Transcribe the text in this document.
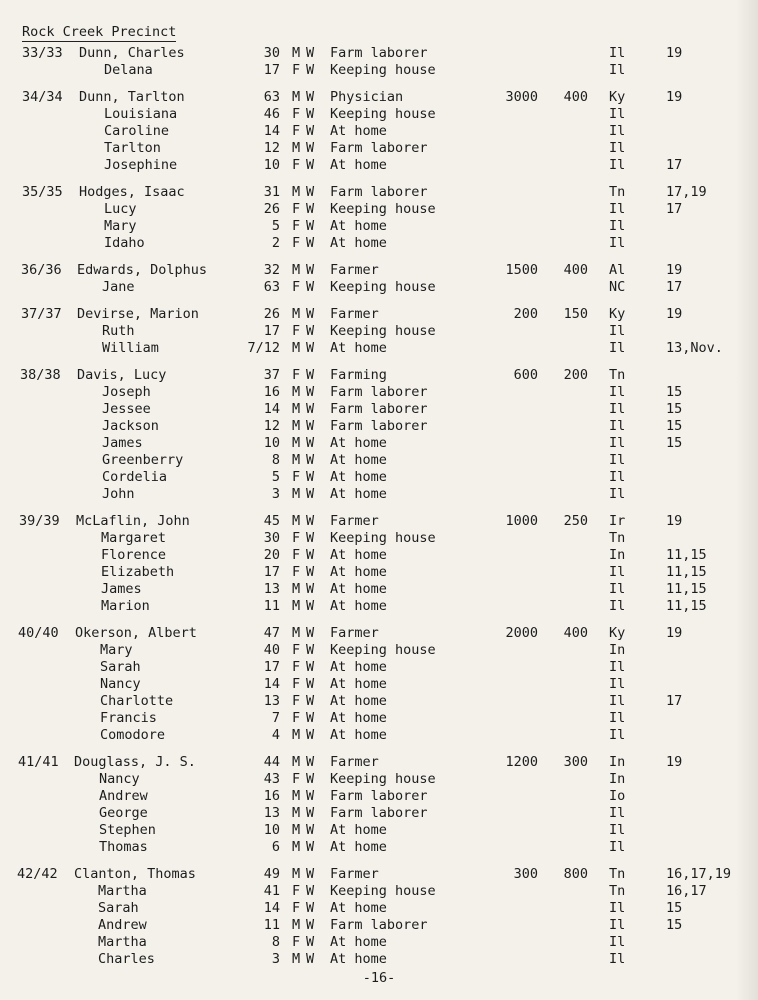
Rock Creek Precinct
33/33	Dunn, Charles	30 M W Farm laborer	Il	19
Delana	17 F W Keeping house	Il
34/34	Dunn, Tarlton	63 M W Physician	3000	400 Ky	19
Louisiana	46 F W Keeping house	Il
Caroline	14 F W At home	Il
Tarlton	12 M W Farm laborer	Il
Josephine	10 F W At home	Il	17
35/35	Hodges, Isaac	31 M W Farm laborer	Tn	17,19
Lucy	26 F W Keeping house	Il	17
Mary	5 F W At home	Il
Idaho	2 F W At home	Il
36/36	Edwards, Dolphus	32 M W Farmer	1500	400 Al	19
Jane	63 F W Keeping house	NC	17
37/37	Devirse, Marion	26 M W Farmer	200	150 Ky	19
Ruth	17 F W Keeping house	Il
William	7/12 M W At home	Il	13,Nov.
38/38	Davis, Lucy	37 F W Farming	600	200 Tn
Joseph	16 M W Farm laborer	Il	15
Jessee	14 M W Farm laborer	Il	15
Jackson	12 M W Farm laborer	Il	15
James	10 M W At home	Il	15
Greenberry	8 M W At home	Il
Cordelia	5 F W At home	Il
John	3 M W At home	Il
39/39	McLaflin, John	45 M W Farmer	1000	250 Ir	19
Margaret	30 F W Keeping house	Tn
Florence	20 F W At home	In	11,15
Elizabeth	17 F W At home	Il	11,15
James	13 M W At home	Il	11,15
Marion	11 M W At home	Il	11,15
40/40	Okerson, Albert	47 M W Farmer	2000	400 Ky	19
Mary	40 F W Keeping house	In
Sarah	17 F W At home	Il
Nancy	14 F W At home	Il
Charlotte	13 F W At home	Il	17
Francis	7 F W At home	Il
Comodore	4 M W At home	Il
41/41	Douglass, J. S.	44 M W Farmer	1200	300 In	19
Nancy	43 F W Keeping house	In
Andrew	16 M W Farm laborer	Io
George	13 M W Farm laborer	Il
Stephen	10 M W At home	Il
Thomas	6 M W At home	Il
42/42	Clanton, Thomas	49 M W Farmer	300	800 Tn	16,17,19
Martha	41 F W Keeping house	Tn	16,17
Sarah	14 F W At home	Il	15
Andrew	11 M W Farm laborer	Il	15
Martha	8 F W At home	Il
Charles	3 M W At home	Il
-16-
